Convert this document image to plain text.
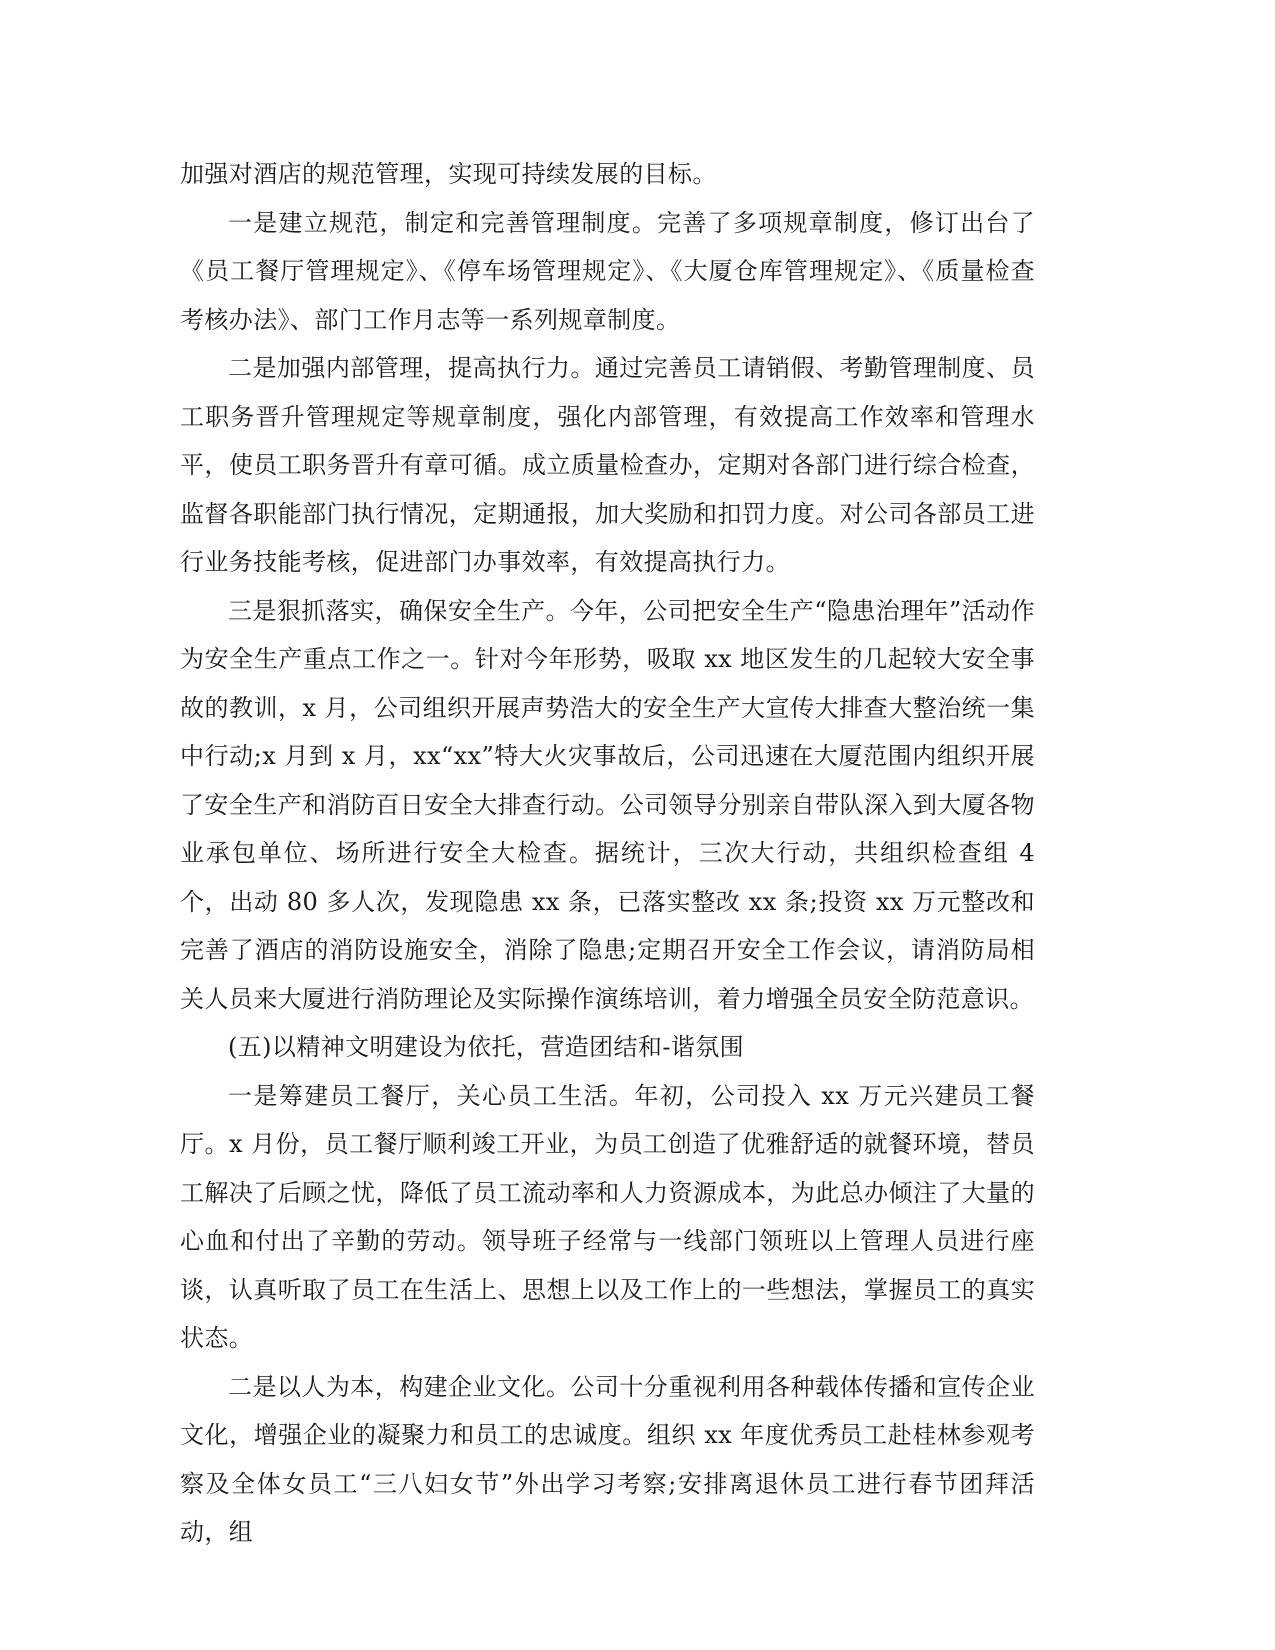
加强对酒店的规范管理，实现可持续发展的目标。

一是建立规范，制定和完善管理制度。完善了多项规章制度，修订出台了《员工餐厅管理规定》、《停车场管理规定》、《大厦仓库管理规定》、《质量检查考核办法》、部门工作月志等一系列规章制度。

二是加强内部管理，提高执行力。通过完善员工请销假、考勤管理制度、员工职务晋升管理规定等规章制度，强化内部管理，有效提高工作效率和管理水平，使员工职务晋升有章可循。成立质量检查办，定期对各部门进行综合检查，监督各职能部门执行情况，定期通报，加大奖励和扣罚力度。对公司各部员工进行业务技能考核，促进部门办事效率，有效提高执行力。

三是狠抓落实，确保安全生产。今年，公司把安全生产“隐患治理年”活动作为安全生产重点工作之一。针对今年形势，吸取 xx 地区发生的几起较大安全事故的教训，x 月，公司组织开展声势浩大的安全生产大宣传大排查大整治统一集中行动;x 月到 x 月，xx“xx”特大火灾事故后，公司迅速在大厦范围内组织开展了安全生产和消防百日安全大排查行动。公司领导分别亲自带队深入到大厦各物业承包单位、场所进行安全大检查。据统计，三次大行动，共组织检查组 4 个，出动 80 多人次，发现隐患 xx 条，已落实整改 xx 条;投资 xx 万元整改和完善了酒店的消防设施安全，消除了隐患;定期召开安全工作会议，请消防局相关人员来大厦进行消防理论及实际操作演练培训，着力增强全员安全防范意识。

(五)以精神文明建设为依托，营造团结和-谐氛围

一是筹建员工餐厅，关心员工生活。年初，公司投入 xx 万元兴建员工餐厅。x 月份，员工餐厅顺利竣工开业，为员工创造了优雅舒适的就餐环境，替员工解决了后顾之忧，降低了员工流动率和人力资源成本，为此总办倾注了大量的心血和付出了辛勤的劳动。领导班子经常与一线部门领班以上管理人员进行座谈，认真听取了员工在生活上、思想上以及工作上的一些想法，掌握员工的真实状态。

二是以人为本，构建企业文化。公司十分重视利用各种载体传播和宣传企业文化，增强企业的凝聚力和员工的忠诚度。组织 xx 年度优秀员工赴桂林参观考察及全体女员工“三八妇女节”外出学习考察;安排离退休员工进行春节团拜活动，组
